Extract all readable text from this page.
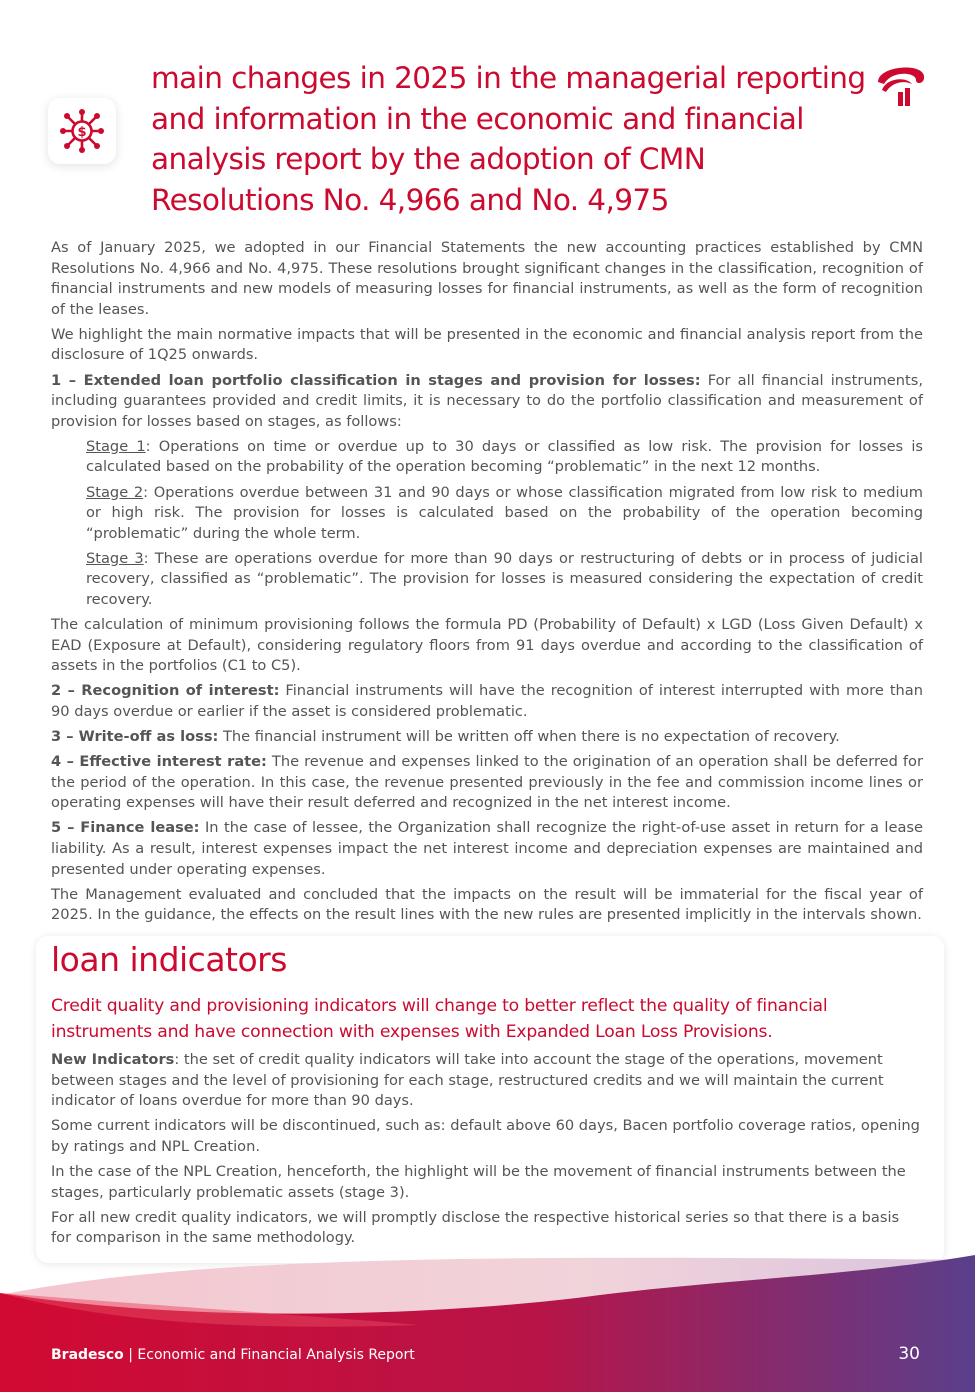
$
main changes in 2025 in the managerial reporting and information in the economic and financial analysis report by the adoption of CMN Resolutions No. 4,966 and No. 4,975

As of January 2025, we adopted in our Financial Statements the new accounting practices established by CMN Resolutions No. 4,966 and No. 4,975. These resolutions brought significant changes in the classification, recognition of financial instruments and new models of measuring losses for financial instruments, as well as the form of recognition of the leases.

We highlight the main normative impacts that will be presented in the economic and financial analysis report from the disclosure of 1Q25 onwards.

1 – Extended loan portfolio classification in stages and provision for losses: For all financial instruments, including guarantees provided and credit limits, it is necessary to do the portfolio classification and measurement of provision for losses based on stages, as follows:

Stage 1: Operations on time or overdue up to 30 days or classified as low risk. The provision for losses is calculated based on the probability of the operation becoming “problematic” in the next 12 months.

Stage 2: Operations overdue between 31 and 90 days or whose classification migrated from low risk to medium or high risk. The provision for losses is calculated based on the probability of the operation becoming “problematic” during the whole term.

Stage 3: These are operations overdue for more than 90 days or restructuring of debts or in process of judicial recovery, classified as “problematic”. The provision for losses is measured considering the expectation of credit recovery.

The calculation of minimum provisioning follows the formula PD (Probability of Default) x LGD (Loss Given Default) x EAD (Exposure at Default), considering regulatory floors from 91 days overdue and according to the classification of assets in the portfolios (C1 to C5).

2 – Recognition of interest: Financial instruments will have the recognition of interest interrupted with more than 90 days overdue or earlier if the asset is considered problematic.

3 – Write-off as loss: The financial instrument will be written off when there is no expectation of recovery.

4 – Effective interest rate: The revenue and expenses linked to the origination of an operation shall be deferred for the period of the operation. In this case, the revenue presented previously in the fee and commission income lines or operating expenses will have their result deferred and recognized in the net interest income.

5 – Finance lease: In the case of lessee, the Organization shall recognize the right-of-use asset in return for a lease liability. As a result, interest expenses impact the net interest income and depreciation expenses are maintained and presented under operating expenses.

The Management evaluated and concluded that the impacts on the result will be immaterial for the fiscal year of 2025. In the guidance, the effects on the result lines with the new rules are presented implicitly in the intervals shown.

loan indicators

Credit quality and provisioning indicators will change to better reflect the quality of financial instruments and have connection with expenses with Expanded Loan Loss Provisions.

New Indicators: the set of credit quality indicators will take into account the stage of the operations, movement between stages and the level of provisioning for each stage, restructured credits and we will maintain the current indicator of loans overdue for more than 90 days.

Some current indicators will be discontinued, such as: default above 60 days, Bacen portfolio coverage ratios, opening by ratings and NPL Creation.

In the case of the NPL Creation, henceforth, the highlight will be the movement of financial instruments between the stages, particularly problematic assets (stage 3).

For all new credit quality indicators, we will promptly disclose the respective historical series so that there is a basis for comparison in the same methodology.

Bradesco | Economic and Financial Analysis Report	30
